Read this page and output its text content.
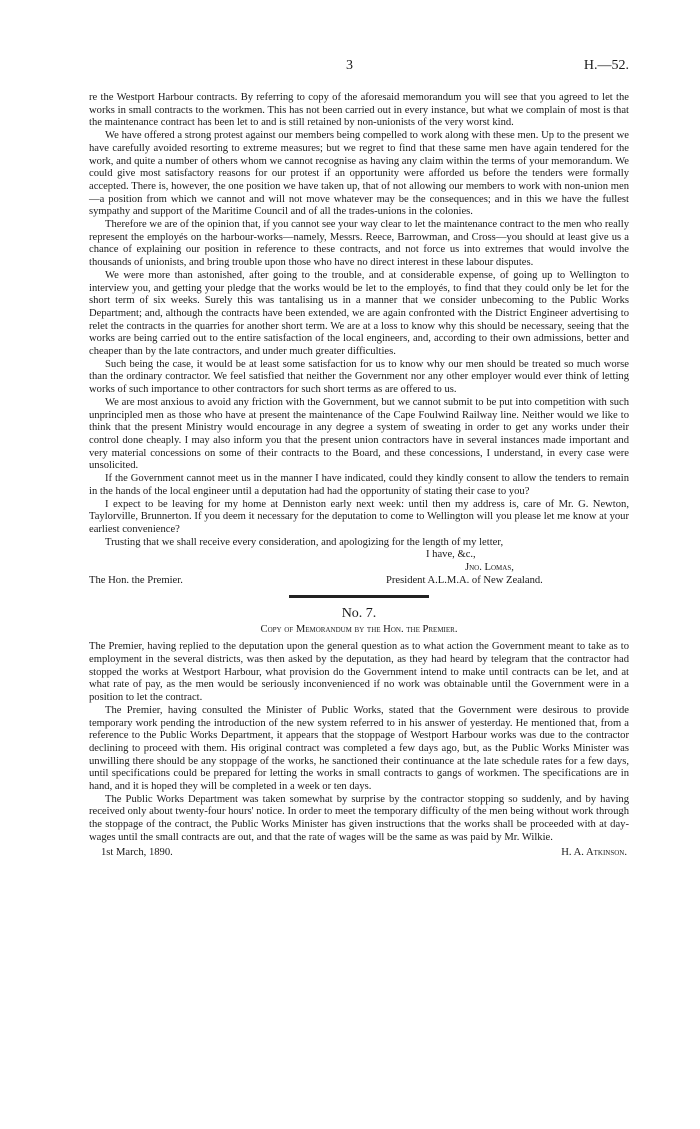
3	H.—52.

re the Westport Harbour contracts. By referring to copy of the aforesaid memorandum you will see that you agreed to let the works in small contracts to the workmen. This has not been carried out in every instance, but what we complain of most is that the maintenance contract has been let to and is still retained by non-unionists of the very worst kind.

We have offered a strong protest against our members being compelled to work along with these men. Up to the present we have carefully avoided resorting to extreme measures; but we regret to find that these same men have again tendered for the work, and quite a number of others whom we cannot recognise as having any claim within the terms of your memorandum. We could give most satisfactory reasons for our protest if an opportunity were afforded us before the tenders were formally accepted. There is, however, the one position we have taken up, that of not allowing our members to work with non-union men—a position from which we cannot and will not move whatever may be the consequences; and in this we have the fullest sympathy and support of the Maritime Council and of all the trades-unions in the colonies.

Therefore we are of the opinion that, if you cannot see your way clear to let the maintenance contract to the men who really represent the employés on the harbour-works—namely, Messrs. Reece, Barrowman, and Cross—you should at least give us a chance of explaining our position in reference to these contracts, and not force us into extremes that would involve the thousands of unionists, and bring trouble upon those who have no direct interest in these labour disputes.

We were more than astonished, after going to the trouble, and at considerable expense, of going up to Wellington to interview you, and getting your pledge that the works would be let to the employés, to find that they could only be let for the short term of six weeks. Surely this was tantalising us in a manner that we consider unbecoming to the Public Works Department; and, although the contracts have been extended, we are again confronted with the District Engineer advertising to relet the contracts in the quarries for another short term. We are at a loss to know why this should be necessary, seeing that the works are being carried out to the entire satisfaction of the local engineers, and, according to their own admissions, better and cheaper than by the late contractors, and under much greater difficulties.

Such being the case, it would be at least some satisfaction for us to know why our men should be treated so much worse than the ordinary contractor. We feel satisfied that neither the Government nor any other employer would ever think of letting works of such importance to other contractors for such short terms as are offered to us.

We are most anxious to avoid any friction with the Government, but we cannot submit to be put into competition with such unprincipled men as those who have at present the maintenance of the Cape Foulwind Railway line. Neither would we like to think that the present Ministry would encourage in any degree a system of sweating in order to get any works under their control done cheaply. I may also inform you that the present union contractors have in several instances made important and very material concessions on some of their contracts to the Board, and these concessions, I understand, in every case were unsolicited.

If the Government cannot meet us in the manner I have indicated, could they kindly consent to allow the tenders to remain in the hands of the local engineer until a deputation had had the opportunity of stating their case to you?

I expect to be leaving for my home at Denniston early next week: until then my address is, care of Mr. G. Newton, Taylorville, Brunnerton. If you deem it necessary for the deputation to come to Wellington will you please let me know at your earliest convenience?

Trusting that we shall receive every consideration, and apologizing for the length of my letter,

I have, &c.,
Jno. Lomas,
The Hon. the Premier.	President A.L.M.A. of New Zealand.
No. 7.
Copy of Memorandum by the Hon. the Premier.

The Premier, having replied to the deputation upon the general question as to what action the Government meant to take as to employment in the several districts, was then asked by the deputation, as they had heard by telegram that the contractor had stopped the works at Westport Harbour, what provision do the Government intend to make until contracts can be let, and at what rate of pay, as the men would be seriously inconvenienced if no work was obtainable until the Government were in a position to let the contract.

The Premier, having consulted the Minister of Public Works, stated that the Government were desirous to provide temporary work pending the introduction of the new system referred to in his answer of yesterday. He mentioned that, from a reference to the Public Works Department, it appears that the stoppage of Westport Harbour works was due to the contractor declining to proceed with them. His original contract was completed a few days ago, but, as the Public Works Minister was unwilling there should be any stoppage of the works, he sanctioned their continuance at the late schedule rates for a few days, until specifications could be prepared for letting the works in small contracts to gangs of workmen. The specifications are in hand, and it is hoped they will be completed in a week or ten days.

The Public Works Department was taken somewhat by surprise by the contractor stopping so suddenly, and by having received only about twenty-four hours' notice. In order to meet the temporary difficulty of the men being without work through the stoppage of the contract, the Public Works Minister has given instructions that the works shall be proceeded with at day-wages until the small contracts are out, and that the rate of wages will be the same as was paid by Mr. Wilkie.

1st March, 1890.	H. A. Atkinson.
